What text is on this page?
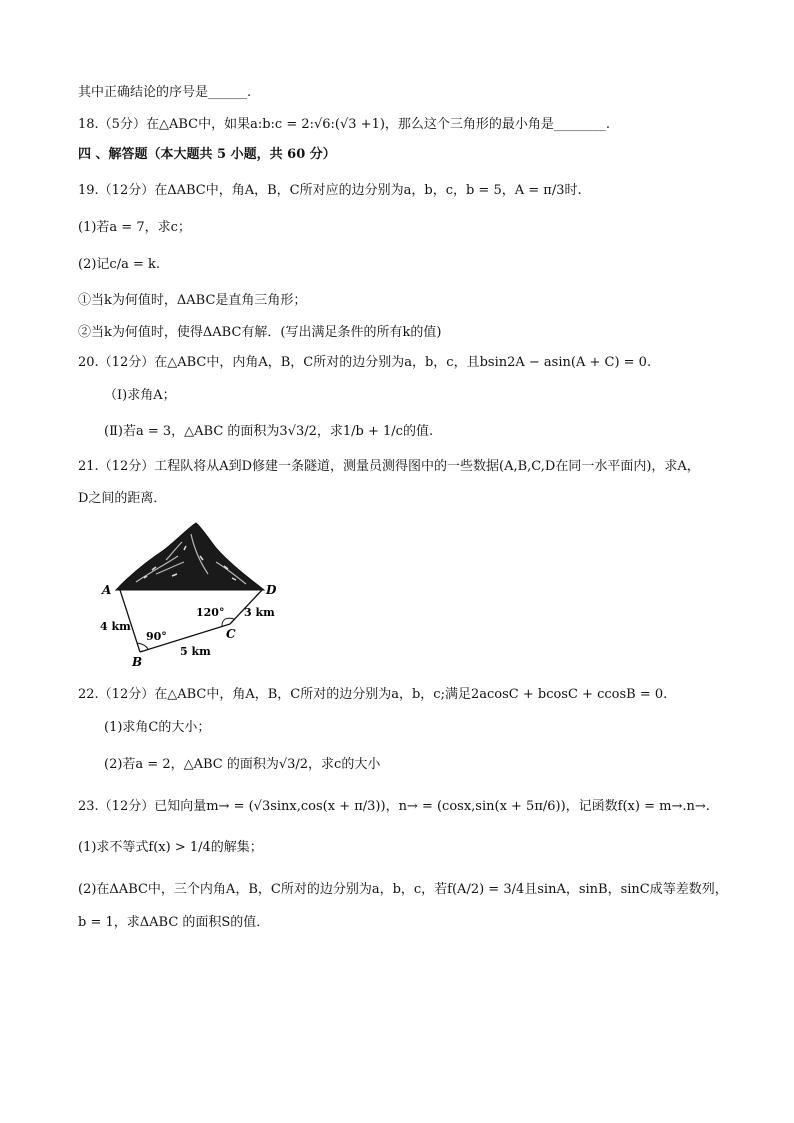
其中正确结论的序号是______.
18.（5分）在△ABC中，如果a:b:c = 2:√6:(√3 +1)，那么这个三角形的最小角是________.
四 、解答题（本大题共 5 小题，共 60 分）
19.（12分）在ΔABC中，角A，B，C所对应的边分别为a，b，c，b = 5，A = π/3时.
(1)若a = 7，求c；
(2)记c/a = k.
①当k为何值时，ΔABC是直角三角形；
②当k为何值时，使得ΔABC有解．(写出满足条件的所有k的值)
20.（12分）在△ABC中，内角A，B，C所对的边分别为a，b，c，且bsin2A − asin(A + C) = 0.
（Ⅰ)求角A；
(Ⅱ)若a = 3，△ABC 的面积为3√3/2，求1/b + 1/c的值.
21.（12分）工程队将从A到D修建一条隧道，测量员测得图中的一些数据(A,B,C,D在同一水平面内)，求A，
D之间的距离．
A	D
B
C
120°
90°
4 km
5 km
3 km
22.（12分）在△ABC中，角A，B，C所对的边分别为a，b，c;满足2acosC + bcosC + ccosB = 0.
(1)求角C的大小；
(2)若a = 2，△ABC 的面积为√3/2，求c的大小
23.（12分）已知向量m→ = (√3sinx,cos(x + π/3))，n→ = (cosx,sin(x + 5π/6))，记函数f(x) = m→.n→.
(1)求不等式f(x) > 1/4的解集；
(2)在ΔABC中，三个内角A，B，C所对的边分别为a，b，c，若f(A/2) = 3/4且sinA，sinB，sinC成等差数列，
b = 1，求ΔABC 的面积S的值．
